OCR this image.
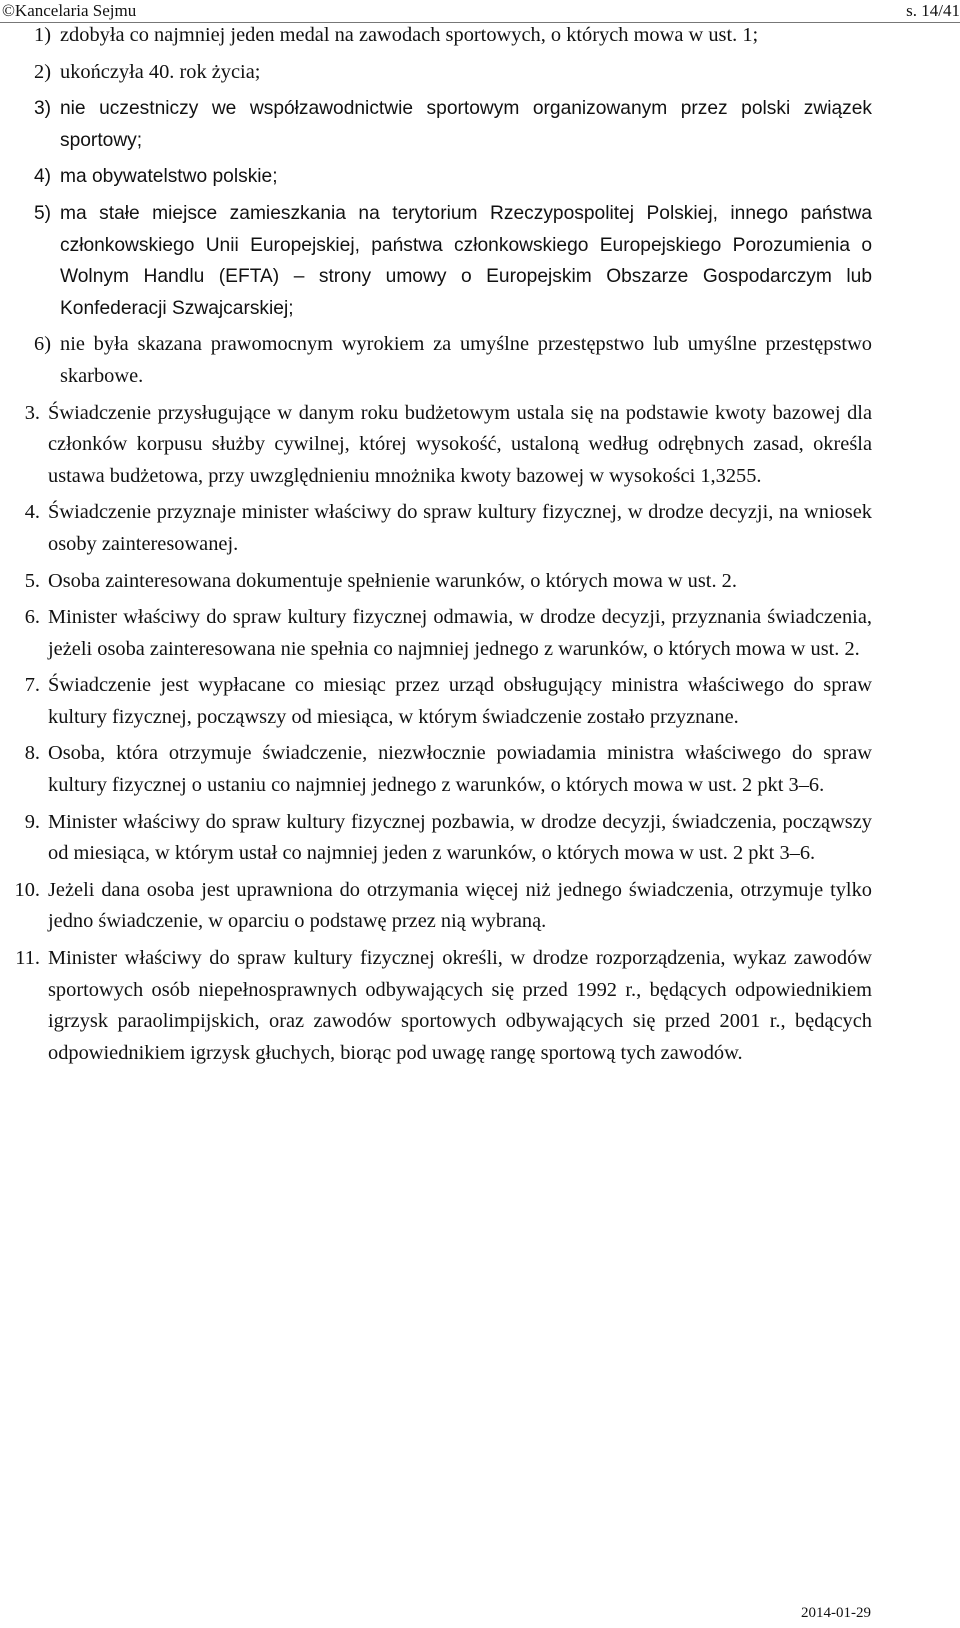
©Kancelaria Sejmu	s. 14/41
1) zdobyła co najmniej jeden medal na zawodach sportowych, o których mowa w ust. 1;
2) ukończyła 40. rok życia;
3) nie uczestniczy we współzawodnictwie sportowym organizowanym przez polski związek sportowy;
4) ma obywatelstwo polskie;
5) ma stałe miejsce zamieszkania na terytorium Rzeczypospolitej Polskiej, innego państwa członkowskiego Unii Europejskiej, państwa członkowskiego Europejskiego Porozumienia o Wolnym Handlu (EFTA) – strony umowy o Europejskim Obszarze Gospodarczym lub Konfederacji Szwajcarskiej;
6) nie była skazana prawomocnym wyrokiem za umyślne przestępstwo lub umyślne przestępstwo skarbowe.
3. Świadczenie przysługujące w danym roku budżetowym ustala się na podstawie kwoty bazowej dla członków korpusu służby cywilnej, której wysokość, ustaloną według odrębnych zasad, określa ustawa budżetowa, przy uwzględnieniu mnożnika kwoty bazowej w wysokości 1,3255.
4. Świadczenie przyznaje minister właściwy do spraw kultury fizycznej, w drodze decyzji, na wniosek osoby zainteresowanej.
5. Osoba zainteresowana dokumentuje spełnienie warunków, o których mowa w ust. 2.
6. Minister właściwy do spraw kultury fizycznej odmawia, w drodze decyzji, przyznania świadczenia, jeżeli osoba zainteresowana nie spełnia co najmniej jednego z warunków, o których mowa w ust. 2.
7. Świadczenie jest wypłacane co miesiąc przez urząd obsługujący ministra właściwego do spraw kultury fizycznej, począwszy od miesiąca, w którym świadczenie zostało przyznane.
8. Osoba, która otrzymuje świadczenie, niezwłocznie powiadamia ministra właściwego do spraw kultury fizycznej o ustaniu co najmniej jednego z warunków, o których mowa w ust. 2 pkt 3–6.
9. Minister właściwy do spraw kultury fizycznej pozbawia, w drodze decyzji, świadczenia, począwszy od miesiąca, w którym ustał co najmniej jeden z warunków, o których mowa w ust. 2 pkt 3–6.
10. Jeżeli dana osoba jest uprawniona do otrzymania więcej niż jednego świadczenia, otrzymuje tylko jedno świadczenie, w oparciu o podstawę przez nią wybraną.
11. Minister właściwy do spraw kultury fizycznej określi, w drodze rozporządzenia, wykaz zawodów sportowych osób niepełnosprawnych odbywających się przed 1992 r., będących odpowiednikiem igrzysk paraolimpijskich, oraz zawodów sportowych odbywających się przed 2001 r., będących odpowiednikiem igrzysk głuchych, biorąc pod uwagę rangę sportową tych zawodów.
2014-01-29
